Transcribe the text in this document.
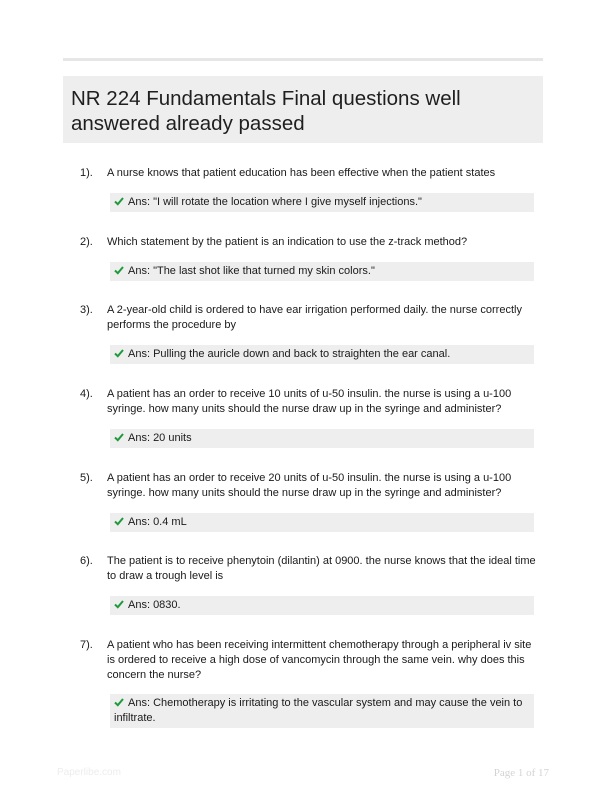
NR 224 Fundamentals Final questions well answered already passed
1). A nurse knows that patient education has been effective when the patient states
Ans: "I will rotate the location where I give myself injections."
2). Which statement by the patient is an indication to use the z-track method?
Ans: "The last shot like that turned my skin colors."
3). A 2-year-old child is ordered to have ear irrigation performed daily. the nurse correctly performs the procedure by
Ans: Pulling the auricle down and back to straighten the ear canal.
4). A patient has an order to receive 10 units of u-50 insulin. the nurse is using a u-100 syringe. how many units should the nurse draw up in the syringe and administer?
Ans: 20 units
5). A patient has an order to receive 20 units of u-50 insulin. the nurse is using a u-100 syringe. how many units should the nurse draw up in the syringe and administer?
Ans: 0.4 mL
6). The patient is to receive phenytoin (dilantin) at 0900. the nurse knows that the ideal time to draw a trough level is
Ans: 0830.
7). A patient who has been receiving intermittent chemotherapy through a peripheral iv site is ordered to receive a high dose of vancomycin through the same vein. why does this concern the nurse?
Ans: Chemotherapy is irritating to the vascular system and may cause the vein to infiltrate.
Paperlibe.com	Page 1 of 17
